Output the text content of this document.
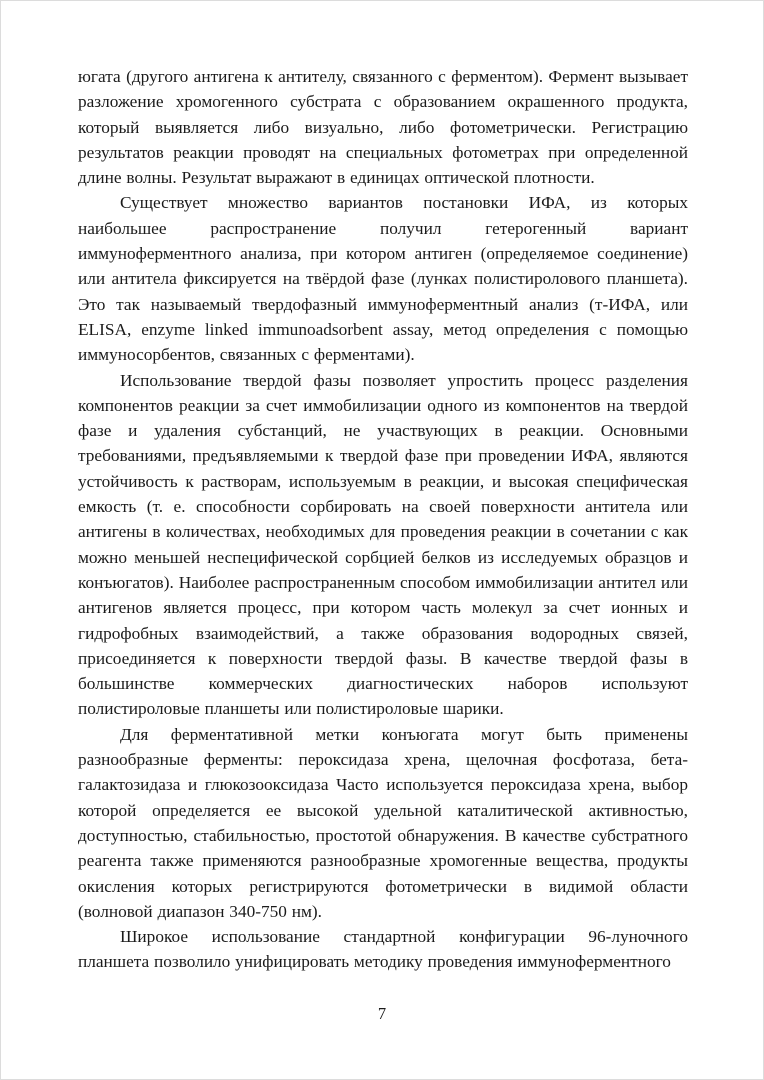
югата (другого антигена к антителу, связанного с ферментом). Фермент вызывает разложение хромогенного субстрата с образованием окрашенного продукта, который выявляется либо визуально, либо фотометрически. Регистрацию результатов реакции проводят на специальных фотометрах при определенной длине волны. Результат выражают в единицах оптической плотности.

Существует множество вариантов постановки ИФА, из которых наибольшее распространение получил гетерогенный вариант иммуноферментного анализа, при котором антиген (определяемое соединение) или антитела фиксируется на твёрдой фазе (лунках полистиролового планшета). Это так называемый твердофазный иммуноферментный анализ (т-ИФА, или ELISA, enzyme linked immunoadsorbent assay, метод определения с помощью иммуносорбентов, связанных с ферментами).

Использование твердой фазы позволяет упростить процесс разделения компонентов реакции за счет иммобилизации одного из компонентов на твердой фазе и удаления субстанций, не участвующих в реакции. Основными требованиями, предъявляемыми к твердой фазе при проведении ИФА, являются устойчивость к растворам, используемым в реакции, и высокая специфическая емкость (т. е. способности сорбировать на своей поверхности антитела или антигены в количествах, необходимых для проведения реакции в сочетании с как можно меньшей неспецифической сорбцией белков из исследуемых образцов и конъюгатов). Наиболее распространенным способом иммобилизации антител или антигенов является процесс, при котором часть молекул за счет ионных и гидрофобных взаимодействий, а также образования водородных связей, присоединяется к поверхности твердой фазы. В качестве твердой фазы в большинстве коммерческих диагностических наборов используют полистироловые планшеты или полистироловые шарики.

Для ферментативной метки конъюгата могут быть применены разнообразные ферменты: пероксидаза хрена, щелочная фосфотаза, бета-галактозидаза и глюкозооксидаза Часто используется пероксидаза хрена, выбор которой определяется ее высокой удельной каталитической активностью, доступностью, стабильностью, простотой обнаружения. В качестве субстратного реагента также применяются разнообразные хромогенные вещества, продукты окисления которых регистрируются фотометрически в видимой области (волновой диапазон 340-750 нм).

Широкое использование стандартной конфигурации 96-луночного планшета позволило унифицировать методику проведения иммуноферментного

7
